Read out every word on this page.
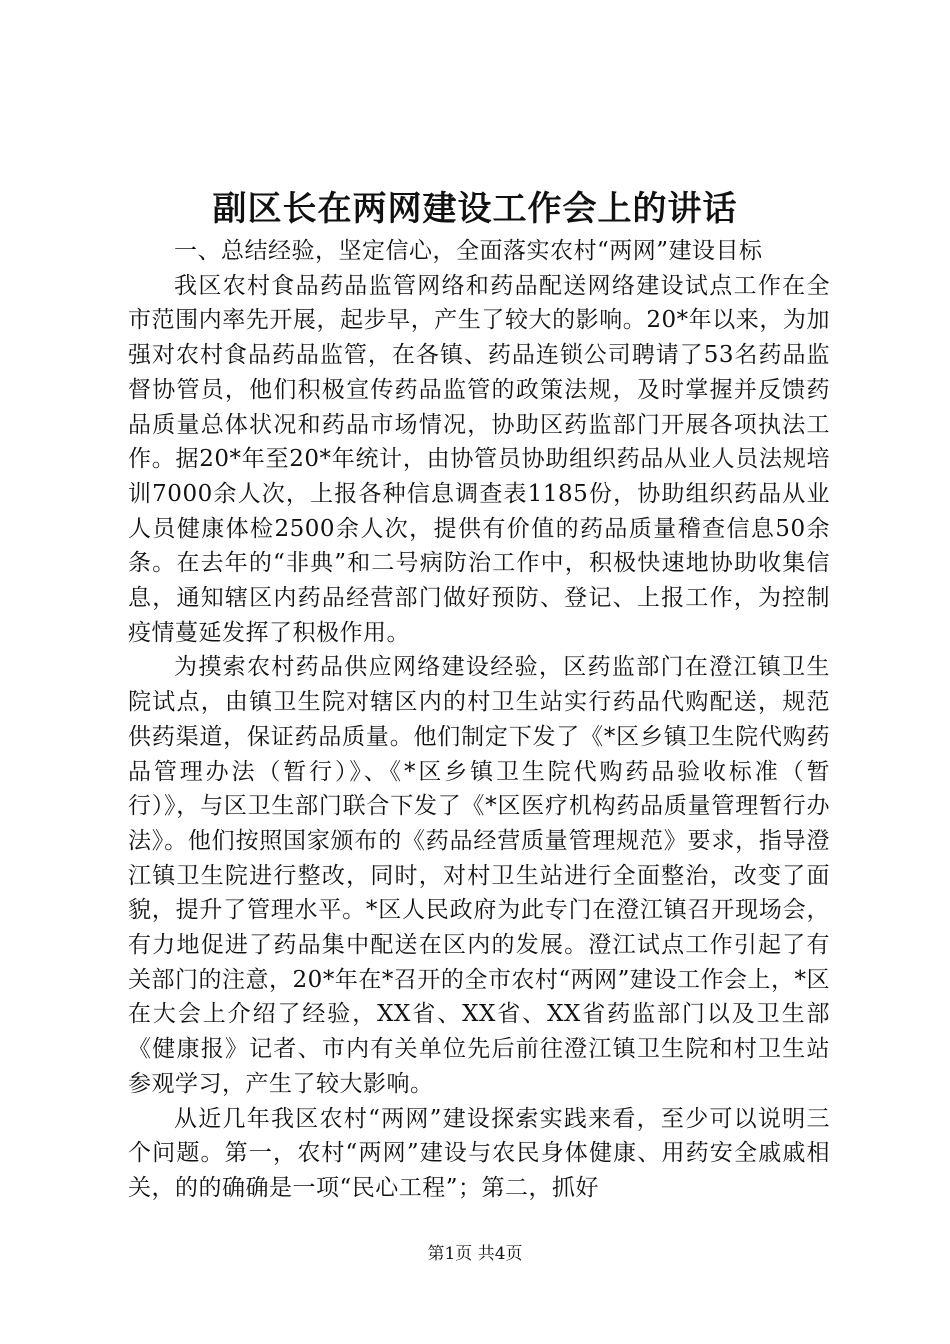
副区长在两网建设工作会上的讲话

一、总结经验，坚定信心，全面落实农村“两网”建设目标

我区农村食品药品监管网络和药品配送网络建设试点工作在全市范围内率先开展，起步早，产生了较大的影响。20*年以来，为加强对农村食品药品监管，在各镇、药品连锁公司聘请了53名药品监督协管员，他们积极宣传药品监管的政策法规，及时掌握并反馈药品质量总体状况和药品市场情况，协助区药监部门开展各项执法工作。据20*年至20*年统计，由协管员协助组织药品从业人员法规培训7000余人次，上报各种信息调查表1185份，协助组织药品从业人员健康体检2500余人次，提供有价值的药品质量稽查信息50余条。在去年的“非典”和二号病防治工作中，积极快速地协助收集信息，通知辖区内药品经营部门做好预防、登记、上报工作，为控制疫情蔓延发挥了积极作用。

为摸索农村药品供应网络建设经验，区药监部门在澄江镇卫生院试点，由镇卫生院对辖区内的村卫生站实行药品代购配送，规范供药渠道，保证药品质量。他们制定下发了《*区乡镇卫生院代购药品管理办法（暂行）》、《*区乡镇卫生院代购药品验收标准（暂行）》，与区卫生部门联合下发了《*区医疗机构药品质量管理暂行办法》。他们按照国家颁布的《药品经营质量管理规范》要求，指导澄江镇卫生院进行整改，同时，对村卫生站进行全面整治，改变了面貌，提升了管理水平。*区人民政府为此专门在澄江镇召开现场会，有力地促进了药品集中配送在区内的发展。澄江试点工作引起了有关部门的注意，20*年在*召开的全市农村“两网”建设工作会上，*区在大会上介绍了经验，XX省、XX省、XX省药监部门以及卫生部《健康报》记者、市内有关单位先后前往澄江镇卫生院和村卫生站参观学习，产生了较大影响。

从近几年我区农村“两网”建设探索实践来看，至少可以说明三个问题。第一，农村“两网”建设与农民身体健康、用药安全戚戚相关，的的确确是一项“民心工程”；第二，抓好

第1页 共4页
